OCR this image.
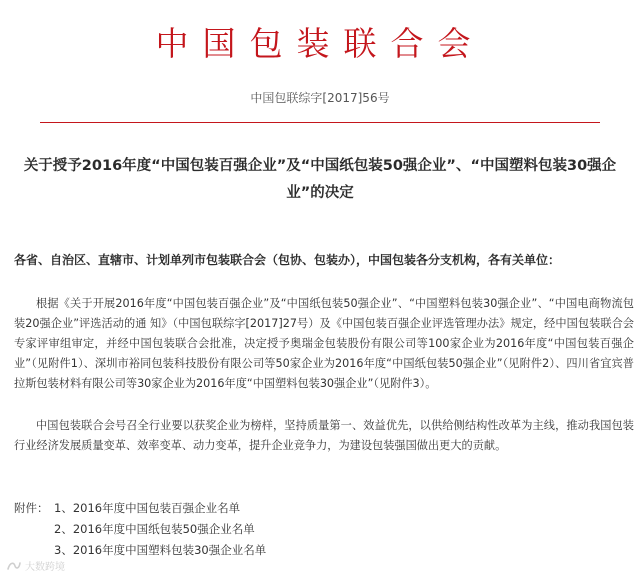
中国包装联合会
中国包联综字[2017]56号
关于授予2016年度“中国包装百强企业”及“中国纸包装50强企业”、“中国塑料包装30强企业”的决定
各省、自治区、直辖市、计划单列市包装联合会（包协、包装办），中国包装各分支机构，各有关单位：
根据《关于开展2016年度“中国包装百强企业”及“中国纸包装50强企业”、“中国塑料包装30强企业”、“中国电商物流包装20强企业”评选活动的通 知》（中国包联综字[2017]27号）及《中国包装百强企业评选管理办法》规定，经中国包装联合会专家评审组审定，并经中国包装联合会批准，决定授予奥瑞金包装股份有限公司等100家企业为2016年度“中国包装百强企业”（见附件1）、深圳市裕同包装科技股份有限公司等50家企业为2016年度“中国纸包装50强企业”（见附件2）、四川省宜宾普拉斯包装材料有限公司等30家企业为2016年度“中国塑料包装30强企业”（见附件3）。
中国包装联合会号召全行业要以获奖企业为榜样，坚持质量第一、效益优先，以供给侧结构性改革为主线，推动我国包装行业经济发展质量变革、效率变革、动力变革，提升企业竞争力，为建设包装强国做出更大的贡献。
附件： 1、2016年度中国包装百强企业名单
2、2016年度中国纸包装50强企业名单
3、2016年度中国塑料包装30强企业名单
大数跨境
